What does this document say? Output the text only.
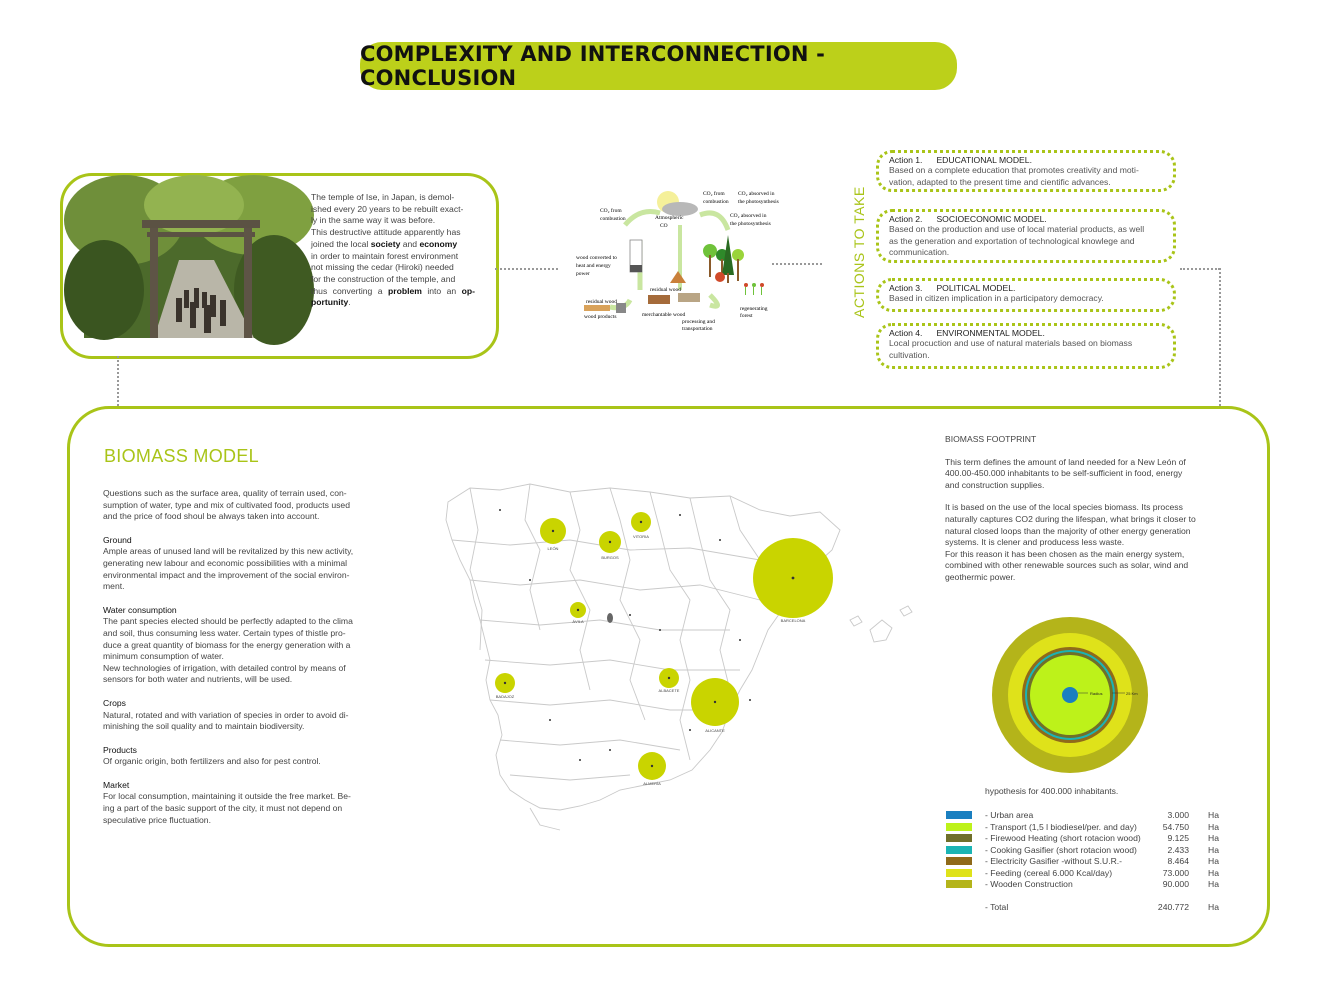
COMPLEXITY AND INTERCONNECTION - CONCLUSION
The temple of Ise, in Japan, is demol-
ished every 20 years to be rebuilt exact-
ly in the same way it was before.
This destructive attitude apparently has
joined the local society and economy
in order to maintain forest environment
not missing the cedar (Hiroki) needed
for the construction of the temple, and
thus converting a problem into an op-portunity.
Atmospheric
CO
CO₂ from
combustion
CO₂ from
combustion
CO₂ absorved in
the photosynthesis
CO₂ absorved in
the photosynthesis
wood converted to
heat and energy
power
residual wood
residual wood
wood products	merchantable wood
processing and
transportation
regenerating
forest	ACTIONS TO TAKE
Action 1. EDUCATIONAL MODEL.
Based on a complete education that promotes creativity and moti-
vation, adapted to the present time and cientific advances.
Action 2. SOCIOECONOMIC MODEL.
Based on the production and use of local material products, as well
as the generation and exportation of technological knowlege and
communication.
Action 3. POLITICAL MODEL.
Based in citizen implication in a participatory democracy.
Action 4. ENVIRONMENTAL MODEL.
Local procuction and use of natural materials based on biomass
cultivation.
BIOMASS MODEL

Questions such as the surface area, quality of terrain used, con-
sumption of water, type and mix of cultivated food, products used
and the price of food shoul be always taken into account.

Ground

Ample areas of unused land will be revitalized by this new activity,
generating new labour and economic possibilities with a minimal
environmental impact and the improvement of the social environ-
ment.

Water consumption

The pant species elected should be perfectly adapted to the clima
and soil, thus consuming less water. Certain types of thistle pro-
duce a great quantity of biomass for the energy generation with a
minimum consumption of water.
New technologies of irrigation, with detailed control by means of
sensors for both water and nutrients, will be used.

Crops

Natural, rotated and with variation of species in order to avoid di-
minishing the soil quality and to maintain biodiversity.

Products

Of organic origin, both fertilizers and also for pest control.

Market

For local consumption, maintaining it outside the free market. Be-
ing a part of the basic support of the city, it must not depend on
speculative price fluctuation.

LEÓN
BURGOS
VITORIA
BARCELONA
ÁVILA
BADAJOZ
ALBACETE
ALICANTE
ALMERÍA

BIOMASS FOOTPRINT

This term defines the amount of land needed for a New León of
400.00-450.000 inhabitants to be self-sufficient in food, energy
and construction supplies.

It is based on the use of the local species biomass. Its process
naturally captures CO2 during the lifespan, what brings it closer to
natural closed loops than the majority of other energy generation
systems. It is clener and producess less waste.
For this reason it has been chosen as the main energy system,
combined with other renewable sources such as solar, wind and
geothermic power.

Radius	25 Km
hypothesis for 400.000 inhabitants.
- Urban area	3.000 Ha
- Transport (1,5 l biodiesel/per. and day)	54.750 Ha
- Firewood Heating (short rotacion wood)	9.125 Ha
- Cooking Gasifier (short rotacion wood)	2.433 Ha
- Electricity Gasifier -without S.U.R.-	8.464 Ha
- Feeding (cereal 6.000 Kcal/day)	73.000 Ha
- Wooden Construction	90.000 Ha
- Total	240.772 Ha
